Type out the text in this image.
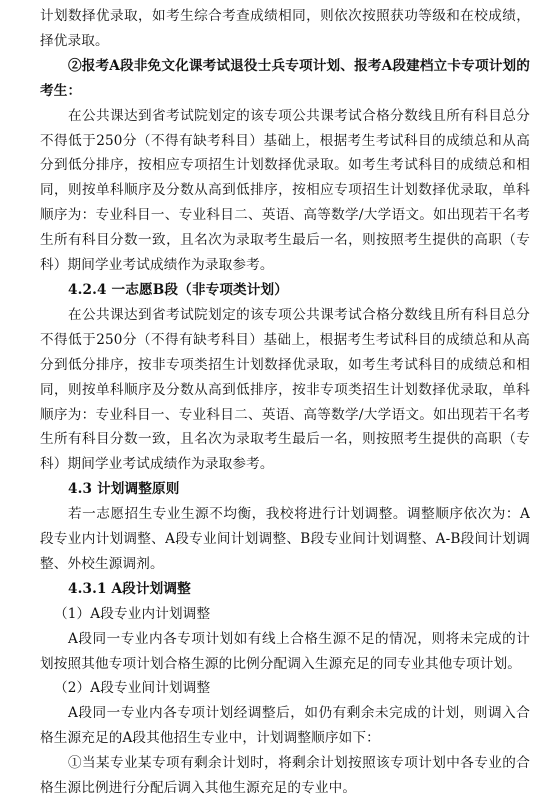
计划数择优录取，如考生综合考查成绩相同，则依次按照获功等级和在校成绩，择优录取。

②报考A段非免文化课考试退役士兵专项计划、报考A段建档立卡专项计划的考生：

在公共课达到省考试院划定的该专项公共课考试合格分数线且所有科目总分不得低于250分（不得有缺考科目）基础上，根据考生考试科目的成绩总和从高分到低分排序，按相应专项招生计划数择优录取。如考生考试科目的成绩总和相同，则按单科顺序及分数从高到低排序，按相应专项招生计划数择优录取，单科顺序为：专业科目一、专业科目二、英语、高等数学/大学语文。如出现若干名考生所有科目分数一致，且名次为录取考生最后一名，则按照考生提供的高职（专科）期间学业考试成绩作为录取参考。

4.2.4 一志愿B段（非专项类计划）

在公共课达到省考试院划定的该专项公共课考试合格分数线且所有科目总分不得低于250分（不得有缺考科目）基础上，根据考生考试科目的成绩总和从高分到低分排序，按非专项类招生计划数择优录取，如考生考试科目的成绩总和相同，则按单科顺序及分数从高到低排序，按非专项类招生计划数择优录取，单科顺序为：专业科目一、专业科目二、英语、高等数学/大学语文。如出现若干名考生所有科目分数一致，且名次为录取考生最后一名，则按照考生提供的高职（专科）期间学业考试成绩作为录取参考。

4.3 计划调整原则

若一志愿招生专业生源不均衡，我校将进行计划调整。调整顺序依次为：A段专业内计划调整、A段专业间计划调整、B段专业间计划调整、A-B段间计划调整、外校生源调剂。

4.3.1 A段计划调整

（1）A段专业内计划调整

A段同一专业内各专项计划如有线上合格生源不足的情况，则将未完成的计划按照其他专项计划合格生源的比例分配调入生源充足的同专业其他专项计划。

（2）A段专业间计划调整

A段同一专业内各专项计划经调整后，如仍有剩余未完成的计划，则调入合格生源充足的A段其他招生专业中，计划调整顺序如下：

①当某专业某专项有剩余计划时，将剩余计划按照该专项计划中各专业的合格生源比例进行分配后调入其他生源充足的专业中。
